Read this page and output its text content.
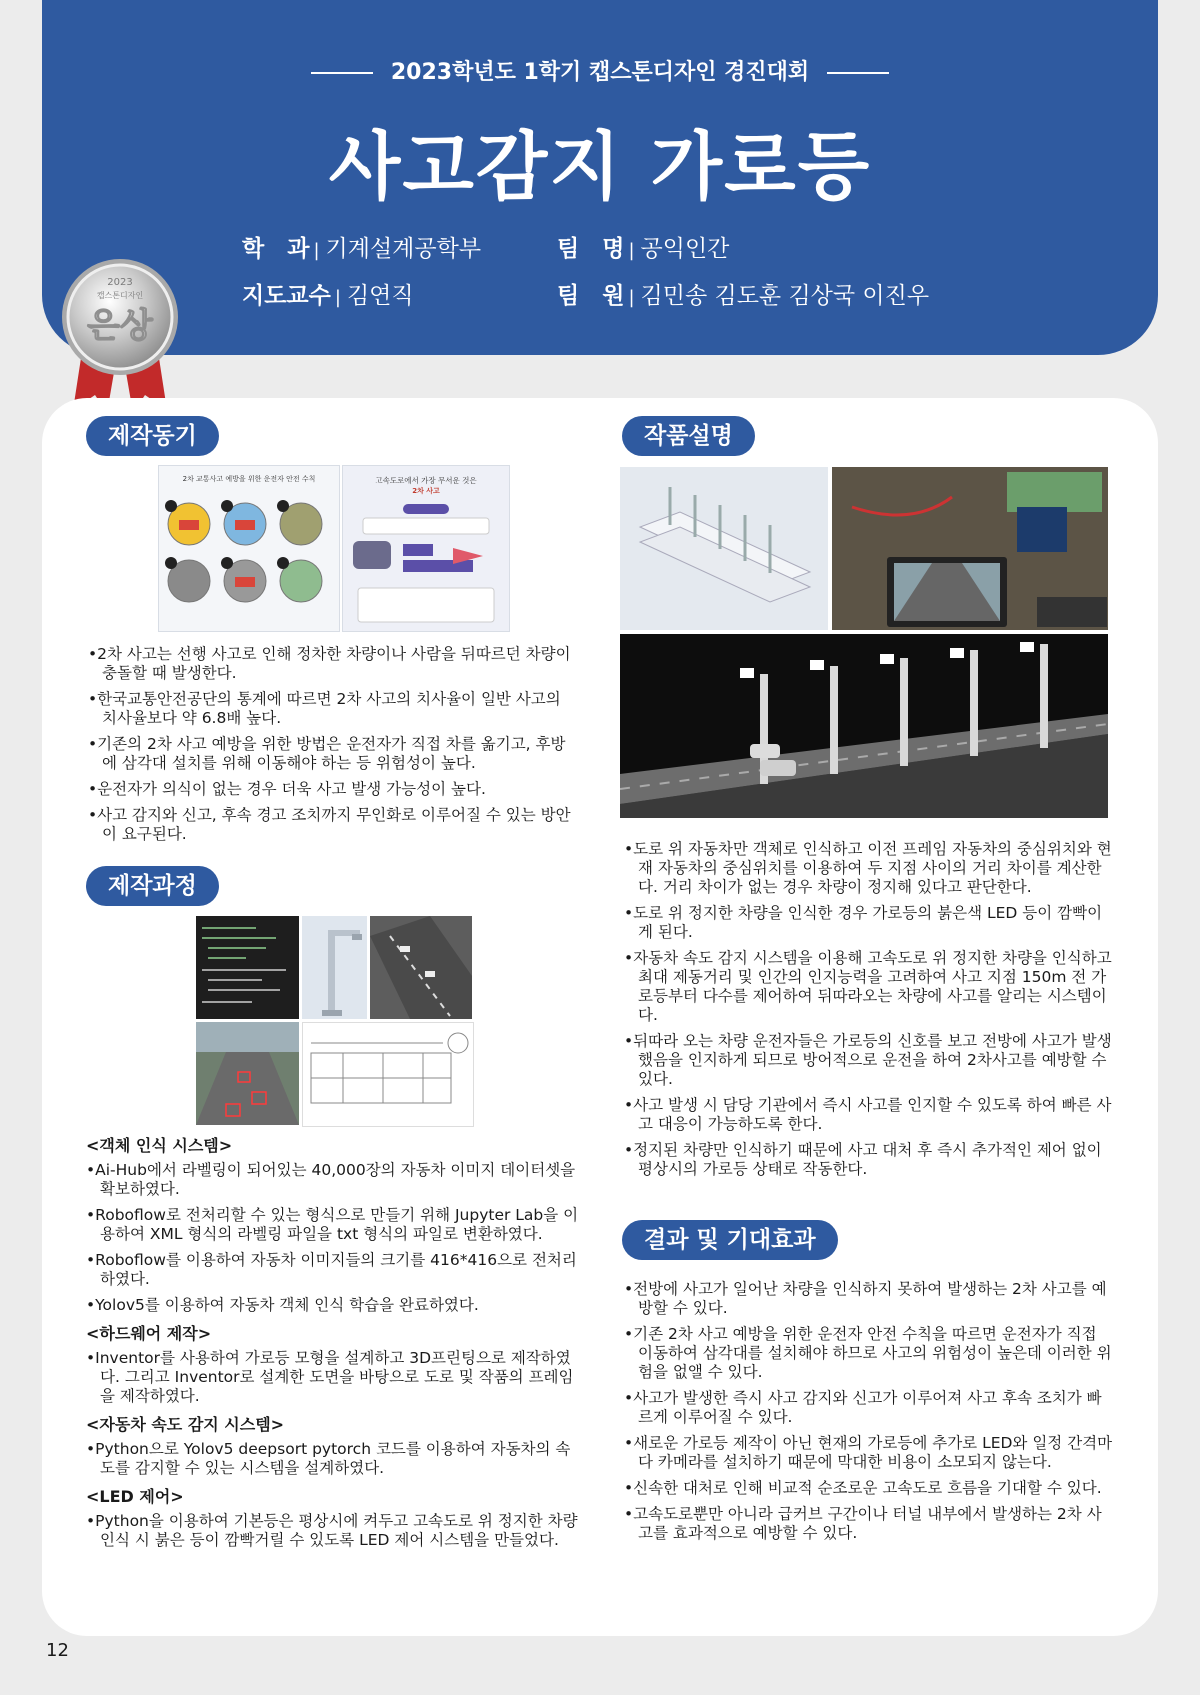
2023학년도 1학기 캡스톤디자인 경진대회
사고감지 가로등
학　과 | 기계설계공학부
지도교수 | 김연직
팀　명 | 공익인간
팀　원 | 김민송 김도훈 김상국 이진우
2023
캡스톤디자인
은상
제작동기
2차 교통사고 예방을 위한 운전자 안전 수칙	고속도로에서 가장 무서운 것은
2차 사고

•2차 사고는 선행 사고로 인해 정차한 차량이나 사람을 뒤따르던 차량이 충돌할 때 발생한다.

•한국교통안전공단의 통계에 따르면 2차 사고의 치사율이 일반 사고의 치사율보다 약 6.8배 높다.

•기존의 2차 사고 예방을 위한 방법은 운전자가 직접 차를 옮기고, 후방에 삼각대 설치를 위해 이동해야 하는 등 위험성이 높다.

•운전자가 의식이 없는 경우 더욱 사고 발생 가능성이 높다.

•사고 감지와 신고, 후속 경고 조치까지 무인화로 이루어질 수 있는 방안이 요구된다.

제작과정
<객체 인식 시스템>

•Ai-Hub에서 라벨링이 되어있는 40,000장의 자동차 이미지 데이터셋을 확보하였다.

•Roboflow로 전처리할 수 있는 형식으로 만들기 위해 Jupyter Lab을 이용하여 XML 형식의 라벨링 파일을 txt 형식의 파일로 변환하였다.

•Roboflow를 이용하여 자동차 이미지들의 크기를 416*416으로 전처리하였다.

•Yolov5를 이용하여 자동차 객체 인식 학습을 완료하였다.

<하드웨어 제작>

•Inventor를 사용하여 가로등 모형을 설계하고 3D프린팅으로 제작하였다. 그리고 Inventor로 설계한 도면을 바탕으로 도로 및 작품의 프레임을 제작하였다.

<자동차 속도 감지 시스템>

•Python으로 Yolov5 deepsort pytorch 코드를 이용하여 자동차의 속도를 감지할 수 있는 시스템을 설계하였다.

<LED 제어>

•Python을 이용하여 기본등은 평상시에 켜두고 고속도로 위 정지한 차량 인식 시 붉은 등이 깜빡거릴 수 있도록 LED 제어 시스템을 만들었다.

작품설명

•도로 위 자동차만 객체로 인식하고 이전 프레임 자동차의 중심위치와 현재 자동차의 중심위치를 이용하여 두 지점 사이의 거리 차이를 계산한다. 거리 차이가 없는 경우 차량이 정지해 있다고 판단한다.

•도로 위 정지한 차량을 인식한 경우 가로등의 붉은색 LED 등이 깜빡이게 된다.

•자동차 속도 감지 시스템을 이용해 고속도로 위 정지한 차량을 인식하고 최대 제동거리 및 인간의 인지능력을 고려하여 사고 지점 150m 전 가로등부터 다수를 제어하여 뒤따라오는 차량에 사고를 알리는 시스템이다.

•뒤따라 오는 차량 운전자들은 가로등의 신호를 보고 전방에 사고가 발생했음을 인지하게 되므로 방어적으로 운전을 하여 2차사고를 예방할 수 있다.

•사고 발생 시 담당 기관에서 즉시 사고를 인지할 수 있도록 하여 빠른 사고 대응이 가능하도록 한다.

•정지된 차량만 인식하기 때문에 사고 대처 후 즉시 추가적인 제어 없이 평상시의 가로등 상태로 작동한다.

결과 및 기대효과

•전방에 사고가 일어난 차량을 인식하지 못하여 발생하는 2차 사고를 예방할 수 있다.

•기존 2차 사고 예방을 위한 운전자 안전 수칙을 따르면 운전자가 직접 이동하여 삼각대를 설치해야 하므로 사고의 위험성이 높은데 이러한 위험을 없앨 수 있다.

•사고가 발생한 즉시 사고 감지와 신고가 이루어져 사고 후속 조치가 빠르게 이루어질 수 있다.

•새로운 가로등 제작이 아닌 현재의 가로등에 추가로 LED와 일정 간격마다 카메라를 설치하기 때문에 막대한 비용이 소모되지 않는다.

•신속한 대처로 인해 비교적 순조로운 고속도로 흐름을 기대할 수 있다.

•고속도로뿐만 아니라 급커브 구간이나 터널 내부에서 발생하는 2차 사고를 효과적으로 예방할 수 있다.

12
